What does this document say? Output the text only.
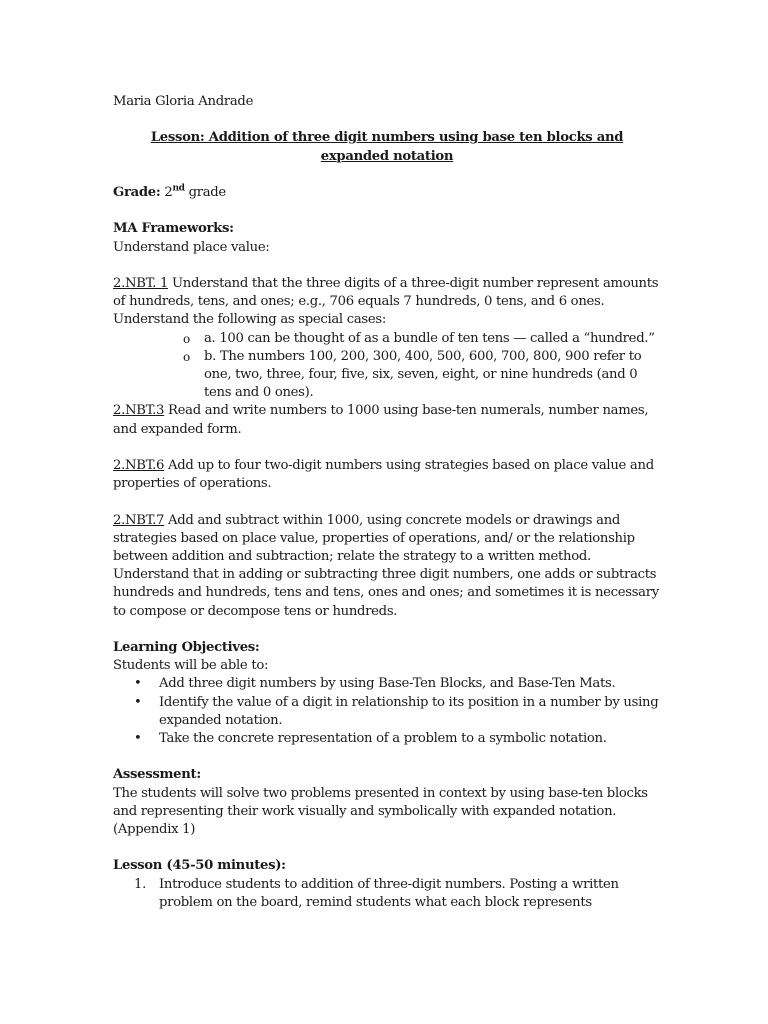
Maria Gloria Andrade

Lesson: Addition of three digit numbers using base ten blocks and expanded notation

Grade: 2nd grade

MA Frameworks:

Understand place value:

2.NBT. 1 Understand that the three digits of a three-digit number represent amounts of hundreds, tens, and ones; e.g., 706 equals 7 hundreds, 0 tens, and 6 ones. Understand the following as special cases:

o a. 100 can be thought of as a bundle of ten tens — called a “hundred.”
o b. The numbers 100, 200, 300, 400, 500, 600, 700, 800, 900 refer to one, two, three, four, five, six, seven, eight, or nine hundreds (and 0 tens and 0 ones).

2.NBT.3 Read and write numbers to 1000 using base-ten numerals, number names, and expanded form.

2.NBT.6 Add up to four two-digit numbers using strategies based on place value and properties of operations.

2.NBT.7 Add and subtract within 1000, using concrete models or drawings and strategies based on place value, properties of operations, and/ or the relationship between addition and subtraction; relate the strategy to a written method. Understand that in adding or subtracting three digit numbers, one adds or subtracts hundreds and hundreds, tens and tens, ones and ones; and sometimes it is necessary to compose or decompose tens or hundreds.

Learning Objectives:

Students will be able to:

• Add three digit numbers by using Base-Ten Blocks, and Base-Ten Mats.
• Identify the value of a digit in relationship to its position in a number by using expanded notation.
• Take the concrete representation of a problem to a symbolic notation.

Assessment:

The students will solve two problems presented in context by using base-ten blocks and representing their work visually and symbolically with expanded notation. (Appendix 1)

Lesson (45-50 minutes):

1. Introduce students to addition of three-digit numbers. Posting a written problem on the board, remind students what each block represents
